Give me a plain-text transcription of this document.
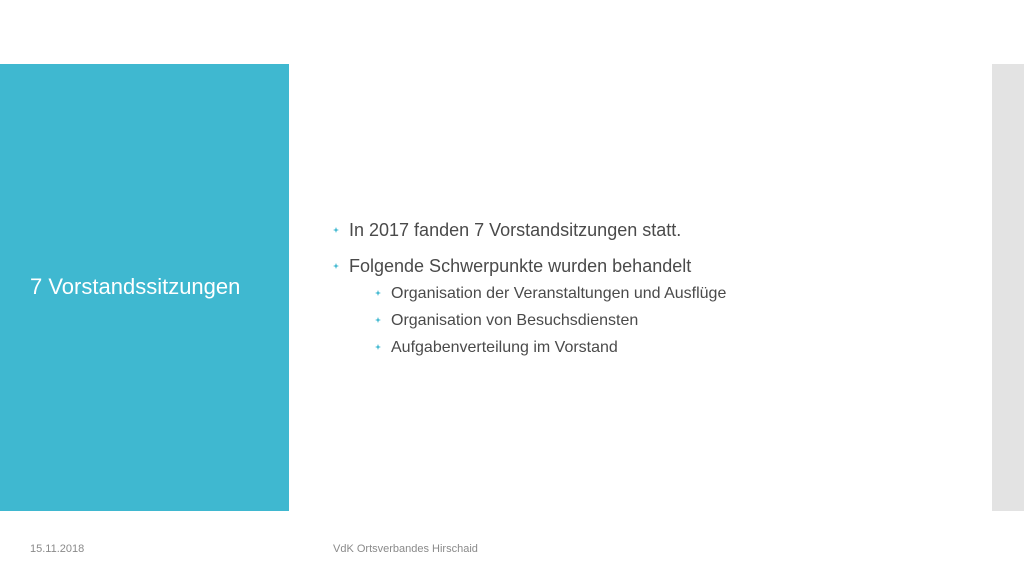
7 Vorstandssitzungen
In 2017 fanden 7 Vorstandsitzungen statt.
Folgende Schwerpunkte wurden behandelt
Organisation der Veranstaltungen und Ausflüge
Organisation von Besuchsdiensten
Aufgabenverteilung im Vorstand
15.11.2018	VdK Ortsverbandes Hirschaid
